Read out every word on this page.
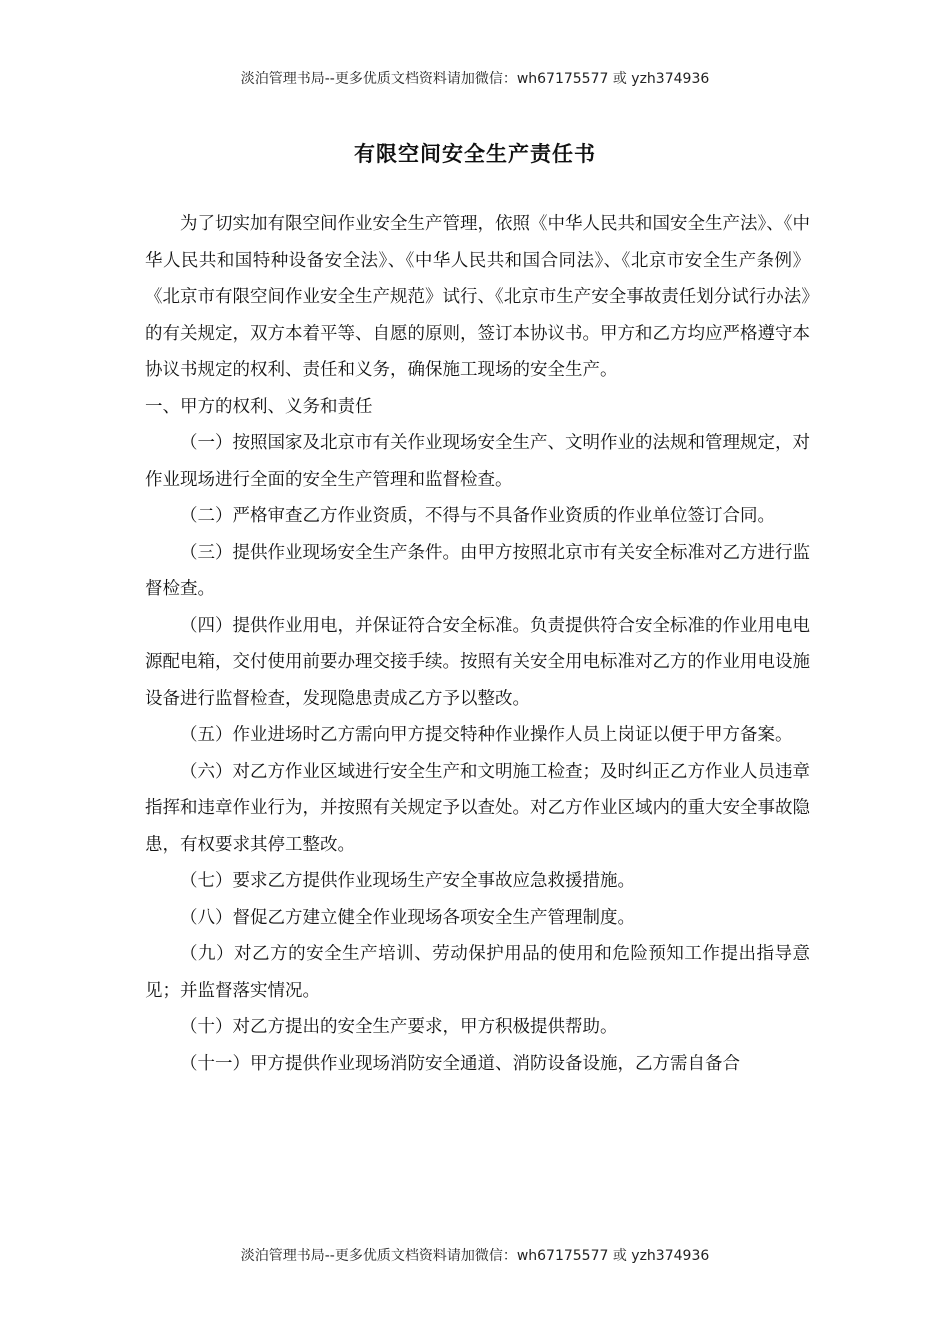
淡泊管理书局--更多优质文档资料请加微信：wh67175577 或 yzh374936
有限空间安全生产责任书

为了切实加有限空间作业安全生产管理，依照《中华人民共和国安全生产法》、《中华人民共和国特种设备安全法》、《中华人民共和国合同法》、《北京市安全生产条例》《北京市有限空间作业安全生产规范》试行、《北京市生产安全事故责任划分试行办法》的有关规定，双方本着平等、自愿的原则，签订本协议书。甲方和乙方均应严格遵守本协议书规定的权利、责任和义务，确保施工现场的安全生产。

一、甲方的权利、义务和责任

（一）按照国家及北京市有关作业现场安全生产、文明作业的法规和管理规定，对作业现场进行全面的安全生产管理和监督检查。

（二）严格审查乙方作业资质，不得与不具备作业资质的作业单位签订合同。

（三）提供作业现场安全生产条件。由甲方按照北京市有关安全标准对乙方进行监督检查。

（四）提供作业用电，并保证符合安全标准。负责提供符合安全标准的作业用电电源配电箱，交付使用前要办理交接手续。按照有关安全用电标准对乙方的作业用电设施设备进行监督检查，发现隐患责成乙方予以整改。

（五）作业进场时乙方需向甲方提交特种作业操作人员上岗证以便于甲方备案。

（六）对乙方作业区域进行安全生产和文明施工检查；及时纠正乙方作业人员违章指挥和违章作业行为，并按照有关规定予以查处。对乙方作业区域内的重大安全事故隐患，有权要求其停工整改。

（七）要求乙方提供作业现场生产安全事故应急救援措施。

（八）督促乙方建立健全作业现场各项安全生产管理制度。

（九）对乙方的安全生产培训、劳动保护用品的使用和危险预知工作提出指导意见；并监督落实情况。

（十）对乙方提出的安全生产要求，甲方积极提供帮助。

（十一）甲方提供作业现场消防安全通道、消防设备设施，乙方需自备合

淡泊管理书局--更多优质文档资料请加微信：wh67175577 或 yzh374936
